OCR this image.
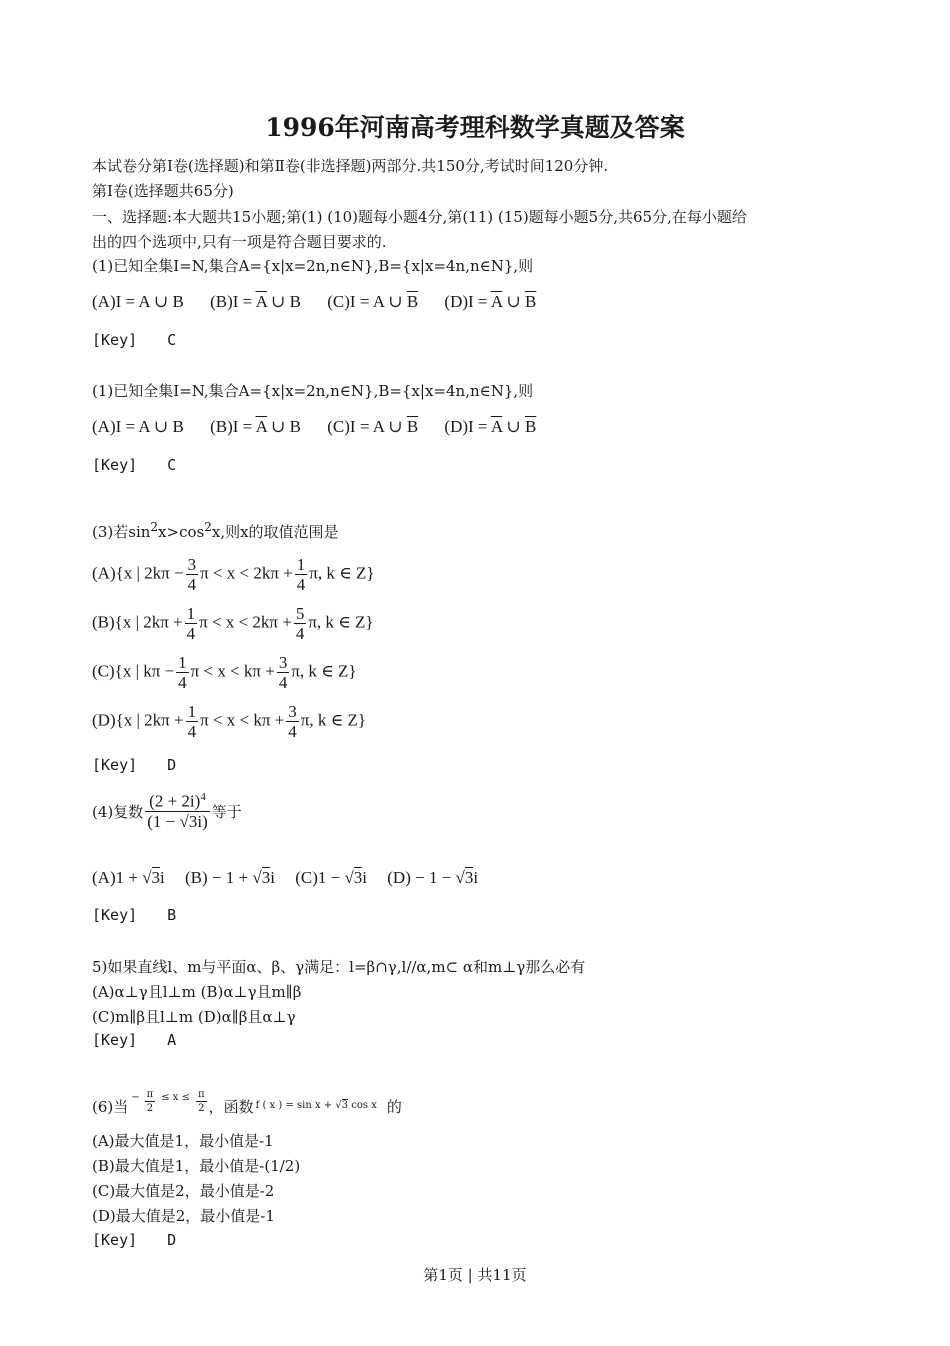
1996年河南高考理科数学真题及答案
本试卷分第Ⅰ卷(选择题)和第Ⅱ卷(非选择题)两部分.共150分,考试时间120分钟.
第Ⅰ卷(选择题共65分)
一、选择题:本大题共15小题;第(1) (10)题每小题4分,第(11) (15)题每小题5分,共65分,在每小题给
出的四个选项中,只有一项是符合题目要求的.
(1)已知全集I=N,集合A={x|x=2n,n∈N},B={x|x=4n,n∈N},则
(A)I = A ∪ B $(B)I = \overline{A}$ ∪ B (C)I = A ∪ $\overline{B}$ $(D)I = \overline{A}$ ∪ $\overline{B}$
[Key] C
(1)已知全集I=N,集合A={x|x=2n,n∈N},B={x|x=4n,n∈N},则
(A)I = A ∪ B $(B)I = \overline{A}$ ∪ B (C)I = A ∪ $\overline{B}$ $(D)I = \overline{A}$ ∪ $\overline{B}$
[Key] C
(3)若$\sin^2x>\cos^2x$,则x的取值范围是
(A){x | $2k\pi - \frac{3}{4}$ $\pi < x < 2k\pi + \frac{1}{4} \pi$, k ∈ Z}
(B){x | $2k\pi + \frac{1}{4}$ $\pi < x < 2k\pi + \frac{5}{4} \pi$, k ∈ Z}
(C){x | $k\pi - \frac{1}{4}$ $\pi < x < k\pi + \frac{3}{4} \pi$, k ∈ Z}
(D){x | $2k\pi + \frac{1}{4}$ $\pi < x < k\pi + \frac{3}{4} \pi$, k ∈ Z}
[Key] D
(4)复数 $\frac{(2 + 2i)^4}{(1 - √3i)}$ 等于
(A)1 + √3i (B) − 1 + √3i (C)1 − √3i (D) − 1 − √3i
[Key] B
5)如果直线l、m与平面α、β、γ满足：l=β∩γ,l//α,m⊂ α和m⊥γ那么必有
(A)α⊥γ且l⊥m (B)α⊥γ且m∥β
(C)m∥β且l⊥m (D)α∥β且α⊥γ
[Key] A
(6)当− $\frac{\pi}{2} \le x \le \frac{\pi}{2}$ ，函数 $_{f ( x ) = sin x + √3 cos x}$ 的
(A)最大值是1，最小值是-1
(B)最大值是1，最小值是-(1/2)
(C)最大值是2，最小值是-2
(D)最大值是2，最小值是-1
[Key] D
第1页 | 共11页
